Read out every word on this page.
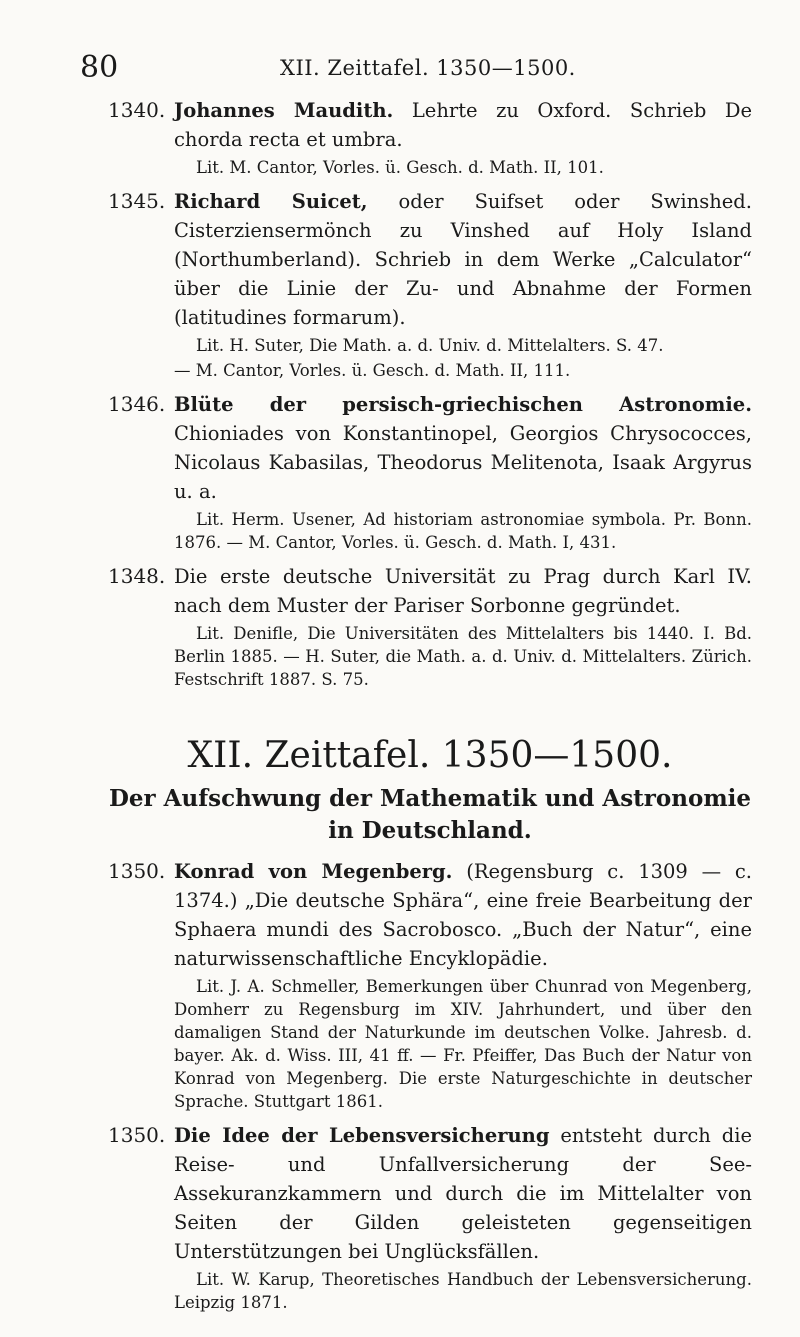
80	XII. Zeittafel. 1350—1500.
1340. Johannes Maudith. Lehrte zu Oxford. Schrieb De chorda recta et umbra.
Lit. M. Cantor, Vorles. ü. Gesch. d. Math. II, 101.
1345. Richard Suicet, oder Suifset oder Swinshed. Cisterziensermönch zu Vinshed auf Holy Island (Northumberland). Schrieb in dem Werke „Calculator“ über die Linie der Zu- und Abnahme der Formen (latitudines formarum).
Lit. H. Suter, Die Math. a. d. Univ. d. Mittelalters. S. 47.
— M. Cantor, Vorles. ü. Gesch. d. Math. II, 111.
1346. Blüte der persisch-griechischen Astronomie. Chioniades von Konstantinopel, Georgios Chrysococces, Nicolaus Kabasilas, Theodorus Melitenota, Isaak Argyrus u. a.
Lit. Herm. Usener, Ad historiam astronomiae symbola. Pr. Bonn. 1876. — M. Cantor, Vorles. ü. Gesch. d. Math. I, 431.
1348. Die erste deutsche Universität zu Prag durch Karl IV. nach dem Muster der Pariser Sorbonne gegründet.
Lit. Denifle, Die Universitäten des Mittelalters bis 1440. I. Bd. Berlin 1885. — H. Suter, die Math. a. d. Univ. d. Mittelalters. Zürich. Festschrift 1887. S. 75.
XII. Zeittafel. 1350—1500.
Der Aufschwung der Mathematik und Astronomie
in Deutschland.
1350. Konrad von Megenberg. (Regensburg c. 1309 — c. 1374.) „Die deutsche Sphära“, eine freie Bearbeitung der Sphaera mundi des Sacrobosco. „Buch der Natur“, eine naturwissenschaftliche Encyklopädie.
Lit. J. A. Schmeller, Bemerkungen über Chunrad von Megenberg, Domherr zu Regensburg im XIV. Jahrhundert, und über den damaligen Stand der Naturkunde im deutschen Volke. Jahresb. d. bayer. Ak. d. Wiss. III, 41 ff. — Fr. Pfeiffer, Das Buch der Natur von Konrad von Megenberg. Die erste Naturgeschichte in deutscher Sprache. Stuttgart 1861.
1350. Die Idee der Lebensversicherung entsteht durch die Reise- und Unfallversicherung der See-Assekuranzkammern und durch die im Mittelalter von Seiten der Gilden geleisteten gegenseitigen Unterstützungen bei Unglücksfällen.
Lit. W. Karup, Theoretisches Handbuch der Lebensversicherung. Leipzig 1871.
